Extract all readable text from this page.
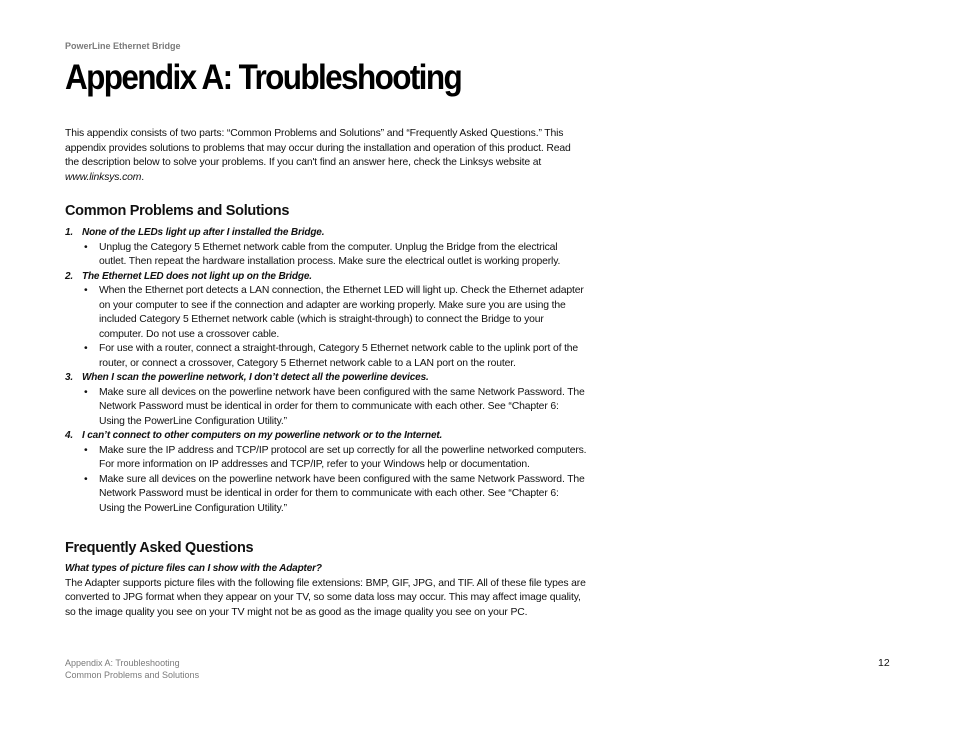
PowerLine Ethernet Bridge
Appendix A: Troubleshooting

This appendix consists of two parts: “Common Problems and Solutions” and “Frequently Asked Questions.” This appendix provides solutions to problems that may occur during the installation and operation of this product. Read the description below to solve your problems. If you can't find an answer here, check the Linksys website at www.linksys.com.

Common Problems and Solutions

1. None of the LEDs light up after I installed the Bridge.

• Unplug the Category 5 Ethernet network cable from the computer. Unplug the Bridge from the electrical outlet. Then repeat the hardware installation process. Make sure the electrical outlet is working properly.

2. The Ethernet LED does not light up on the Bridge.

• When the Ethernet port detects a LAN connection, the Ethernet LED will light up. Check the Ethernet adapter on your computer to see if the connection and adapter are working properly. Make sure you are using the included Category 5 Ethernet network cable (which is straight-through) to connect the Bridge to your computer. Do not use a crossover cable.
• For use with a router, connect a straight-through, Category 5 Ethernet network cable to the uplink port of the router, or connect a crossover, Category 5 Ethernet network cable to a LAN port on the router.

3. When I scan the powerline network, I don’t detect all the powerline devices.

• Make sure all devices on the powerline network have been configured with the same Network Password. The Network Password must be identical in order for them to communicate with each other. See “Chapter 6: Using the PowerLine Configuration Utility.”

4. I can’t connect to other computers on my powerline network or to the Internet.

• Make sure the IP address and TCP/IP protocol are set up correctly for all the powerline networked computers. For more information on IP addresses and TCP/IP, refer to your Windows help or documentation.
• Make sure all devices on the powerline network have been configured with the same Network Password. The Network Password must be identical in order for them to communicate with each other. See “Chapter 6: Using the PowerLine Configuration Utility.”
Frequently Asked Questions

What types of picture files can I show with the Adapter?

The Adapter supports picture files with the following file extensions: BMP, GIF, JPG, and TIF. All of these file types are converted to JPG format when they appear on your TV, so some data loss may occur. This may affect image quality, so the image quality you see on your TV might not be as good as the image quality you see on your PC.

Appendix A: Troubleshooting
Common Problems and Solutions
12
